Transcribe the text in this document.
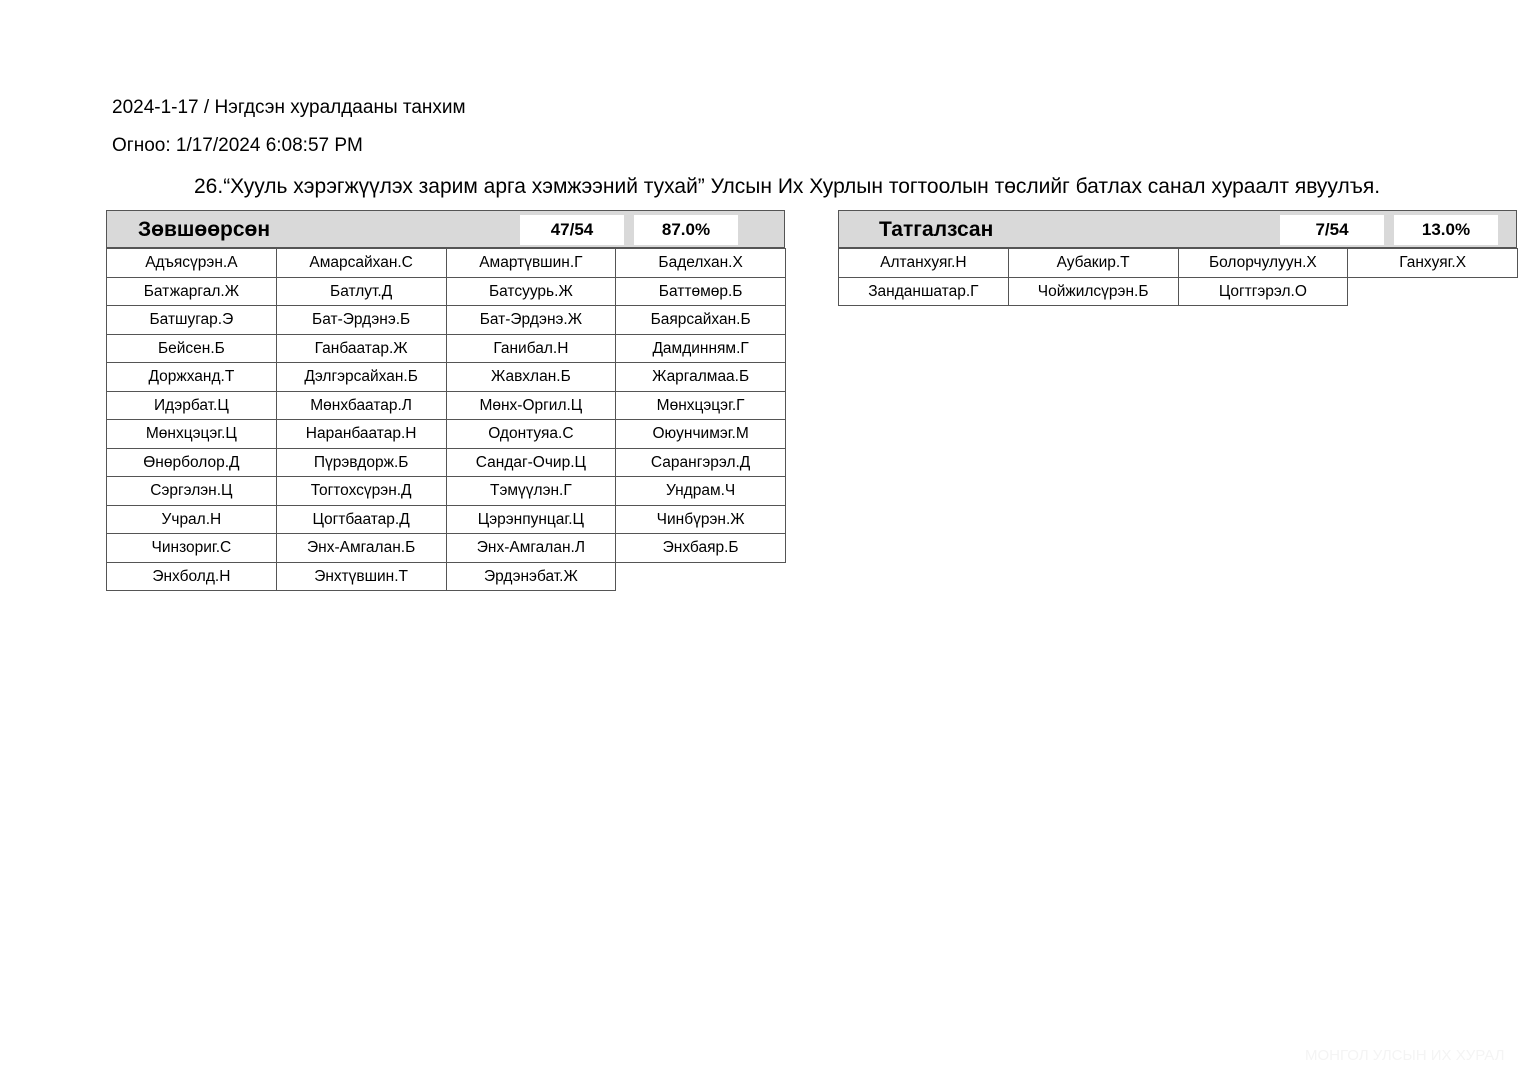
2024-1-17 / Нэгдсэн хуралдааны танхим
Огноо: 1/17/2024 6:08:57 PM
26.“Хууль хэрэгжүүлэх зарим арга хэмжээний тухай” Улсын Их Хурлын тогтоолын төслийг батлах санал хураалт явуулъя.
Зөвшөөрсөн	47/54	87.0%
Адъясүрэн.А	Амарсайхан.С	Амартүвшин.Г	Баделхан.Х
Батжаргал.Ж	Батлут.Д	Батсуурь.Ж	Баттөмөр.Б
Батшугар.Э	Бат-Эрдэнэ.Б	Бат-Эрдэнэ.Ж	Баярсайхан.Б
Бейсен.Б	Ганбаатар.Ж	Ганибал.Н	Дамдинням.Г
Доржханд.Т	Дэлгэрсайхан.Б	Жавхлан.Б	Жаргалмаа.Б
Идэрбат.Ц	Мөнхбаатар.Л	Мөнх-Оргил.Ц	Мөнхцэцэг.Г
Мөнхцэцэг.Ц	Наранбаатар.Н	Одонтуяа.С	Оюунчимэг.М
Өнөрболор.Д	Пүрэвдорж.Б	Сандаг-Очир.Ц	Сарангэрэл.Д
Сэргэлэн.Ц	Тогтохсүрэн.Д	Тэмүүлэн.Г	Ундрам.Ч
Учрал.Н	Цогтбаатар.Д	Цэрэнпунцаг.Ц	Чинбүрэн.Ж
Чинзориг.С	Энх-Амгалан.Б	Энх-Амгалан.Л	Энхбаяр.Б
Энхболд.Н	Энхтүвшин.Т	Эрдэнэбат.Ж
Татгалзсан	7/54	13.0%
Алтанхуяг.Н	Аубакир.Т	Болорчулуун.Х	Ганхуяг.Х
Занданшатар.Г	Чойжилсүрэн.Б	Цогтгэрэл.О
МОНГОЛ УЛСЫН ИХ ХУРАЛ
